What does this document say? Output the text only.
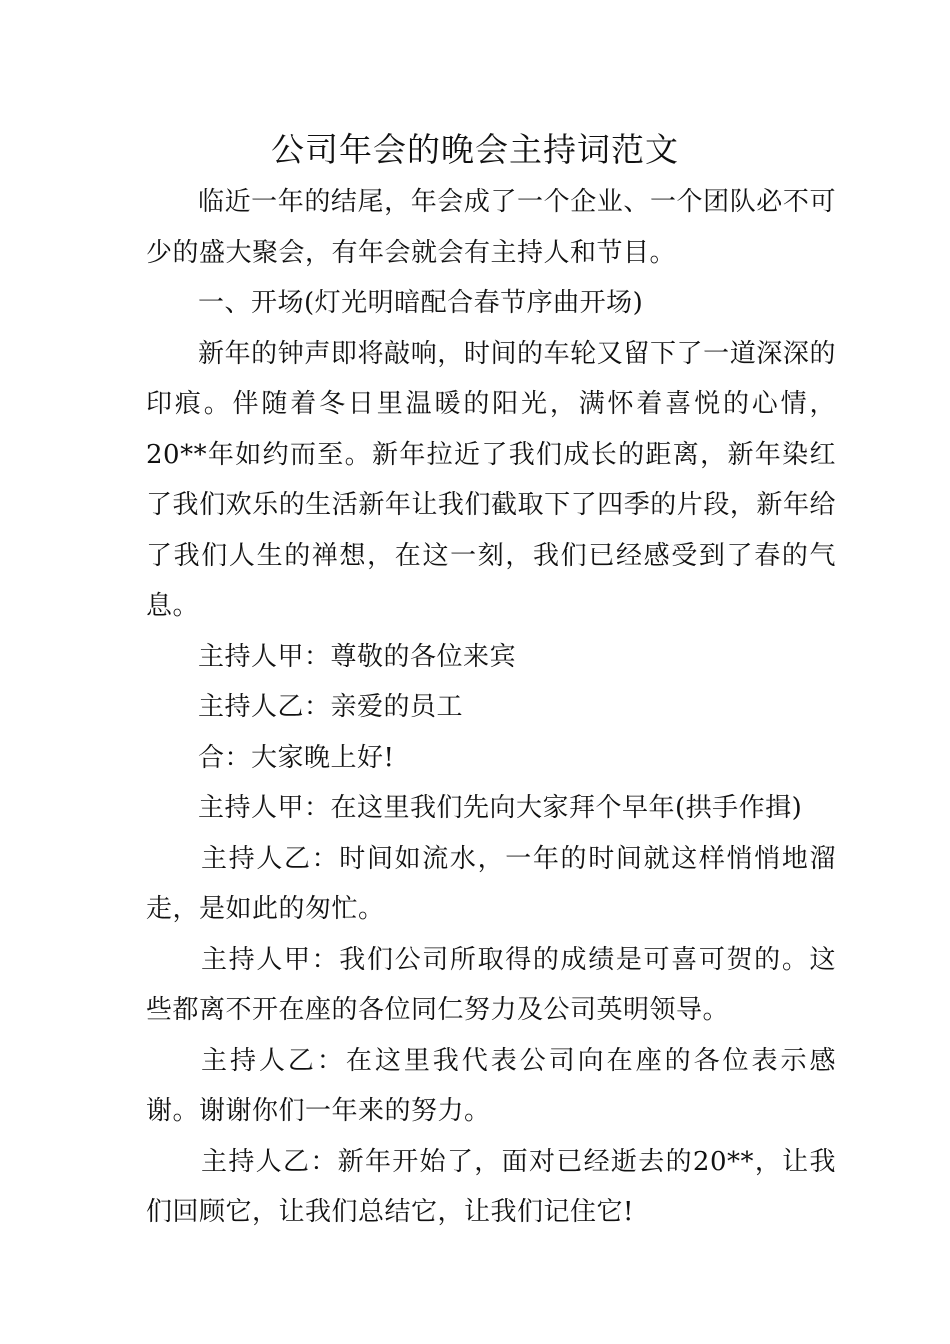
公司年会的晚会主持词范文

临近一年的结尾，年会成了一个企业、一个团队必不可少的盛大聚会，有年会就会有主持人和节目。

一、开场(灯光明暗配合春节序曲开场)

新年的钟声即将敲响，时间的车轮又留下了一道深深的印痕。伴随着冬日里温暖的阳光，满怀着喜悦的心情，20**年如约而至。新年拉近了我们成长的距离，新年染红了我们欢乐的生活新年让我们截取下了四季的片段，新年给了我们人生的禅想，在这一刻，我们已经感受到了春的气息。

主持人甲：尊敬的各位来宾

主持人乙：亲爱的员工

合：大家晚上好!

主持人甲：在这里我们先向大家拜个早年(拱手作揖)

主持人乙：时间如流水，一年的时间就这样悄悄地溜走，是如此的匆忙。

主持人甲：我们公司所取得的成绩是可喜可贺的。这些都离不开在座的各位同仁努力及公司英明领导。

主持人乙：在这里我代表公司向在座的各位表示感谢。谢谢你们一年来的努力。

主持人乙：新年开始了，面对已经逝去的20**，让我们回顾它，让我们总结它，让我们记住它!
